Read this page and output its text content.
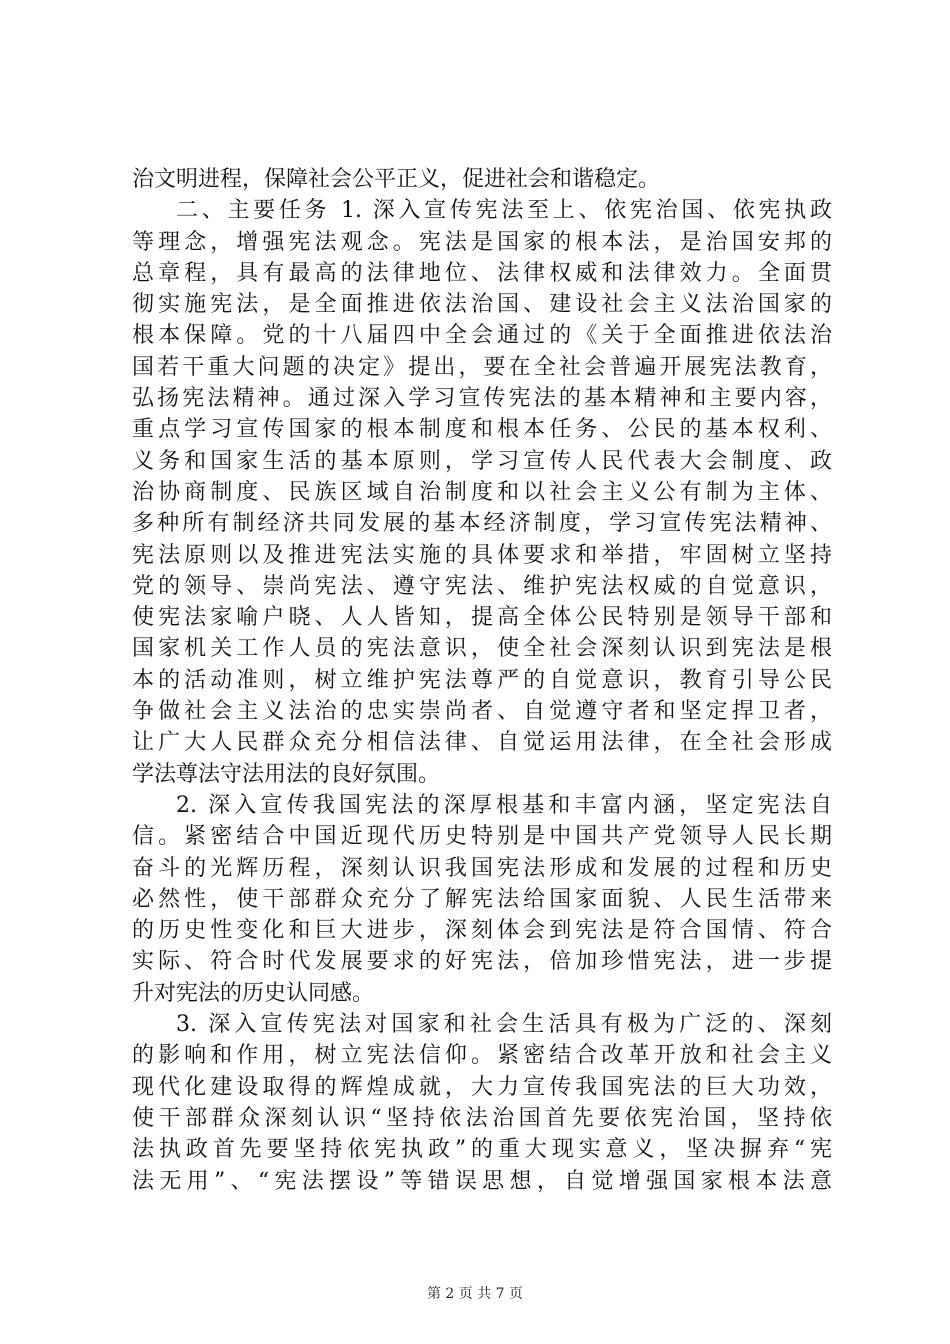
治文明进程，保障社会公平正义，促进社会和谐稳定。
二、主要任务 1. 深入宣传宪法至上、依宪治国、依宪执政
等理念，增强宪法观念。宪法是国家的根本法，是治国安邦的
总章程，具有最高的法律地位、法律权威和法律效力。全面贯
彻实施宪法，是全面推进依法治国、建设社会主义法治国家的
根本保障。党的十八届四中全会通过的《关于全面推进依法治
国若干重大问题的决定》提出，要在全社会普遍开展宪法教育，
弘扬宪法精神。通过深入学习宣传宪法的基本精神和主要内容，
重点学习宣传国家的根本制度和根本任务、公民的基本权利、
义务和国家生活的基本原则，学习宣传人民代表大会制度、政
治协商制度、民族区域自治制度和以社会主义公有制为主体、
多种所有制经济共同发展的基本经济制度，学习宣传宪法精神、
宪法原则以及推进宪法实施的具体要求和举措，牢固树立坚持
党的领导、崇尚宪法、遵守宪法、维护宪法权威的自觉意识，
使宪法家喻户晓、人人皆知，提高全体公民特别是领导干部和
国家机关工作人员的宪法意识，使全社会深刻认识到宪法是根
本的活动准则，树立维护宪法尊严的自觉意识，教育引导公民
争做社会主义法治的忠实崇尚者、自觉遵守者和坚定捍卫者，
让广大人民群众充分相信法律、自觉运用法律，在全社会形成
学法尊法守法用法的良好氛围。
2. 深入宣传我国宪法的深厚根基和丰富内涵，坚定宪法自
信。紧密结合中国近现代历史特别是中国共产党领导人民长期
奋斗的光辉历程，深刻认识我国宪法形成和发展的过程和历史
必然性，使干部群众充分了解宪法给国家面貌、人民生活带来
的历史性变化和巨大进步，深刻体会到宪法是符合国情、符合
实际、符合时代发展要求的好宪法，倍加珍惜宪法，进一步提
升对宪法的历史认同感。
3. 深入宣传宪法对国家和社会生活具有极为广泛的、深刻
的影响和作用，树立宪法信仰。紧密结合改革开放和社会主义
现代化建设取得的辉煌成就，大力宣传我国宪法的巨大功效，
使干部群众深刻认识“坚持依法治国首先要依宪治国，坚持依
法执政首先要坚持依宪执政”的重大现实意义，坚决摒弃“宪
法无用”、“宪法摆设”等错误思想，自觉增强国家根本法意
第 2 页 共 7 页
